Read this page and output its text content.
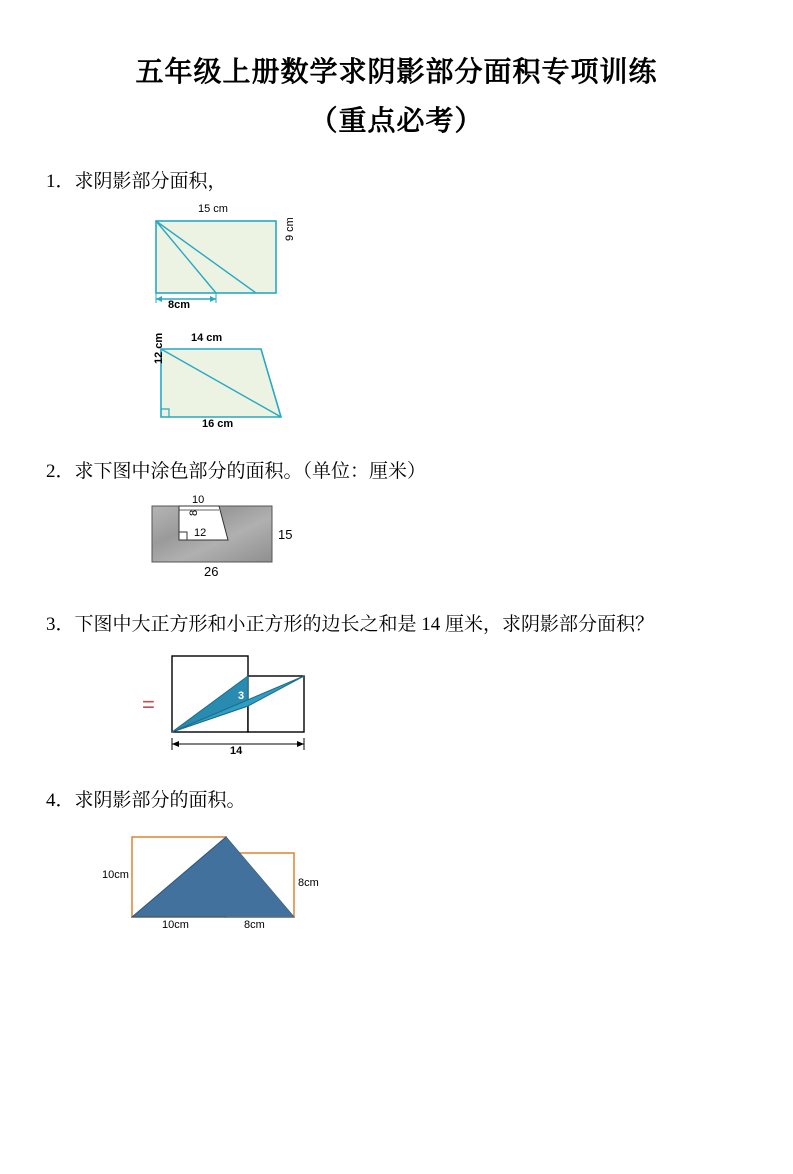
五年级上册数学求阴影部分面积专项训练
（重点必考）
1．求阴影部分面积，
15 cm
9 cm
8cm
14 cm
12 cm
16 cm
2．求下图中涂色部分的面积。（单位：厘米）
10
8
12	15
26
3．下图中大正方形和小正方形的边长之和是 14 厘米，求阴影部分面积？
=	3
14
4．求阴影部分的面积。
10cm
8cm
10cm	8cm
